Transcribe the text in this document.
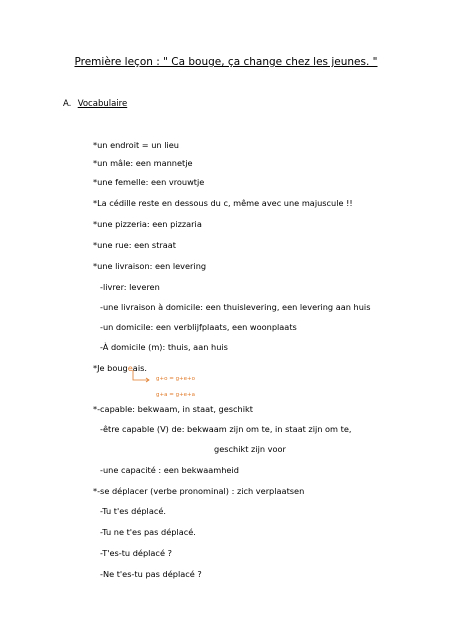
Première leçon : " Ca bouge, ça change chez les jeunes. "
A. Vocabulaire
*un endroit = un lieu
*un mâle: een mannetje
*une femelle: een vrouwtje
*La cédille reste en dessous du c, même avec une majuscule !!
*une pizzeria: een pizzaria
*une rue: een straat
*une livraison: een levering
-livrer: leveren
-une livraison à domicile: een thuislevering, een levering aan huis
-un domicile: een verblijfplaats, een woonplaats
-À domicile (m): thuis, aan huis
*Je bougeais.
g+o = g+e+o
g+a = g+e+a
*-capable: bekwaam, in staat, geschikt
-être capable (V) de: bekwaam zijn om te, in staat zijn om te,
geschikt zijn voor
-une capacité : een bekwaamheid
*-se déplacer (verbe pronominal) : zich verplaatsen
-Tu t'es déplacé.
-Tu ne t'es pas déplacé.
-T'es-tu déplacé ?
-Ne t'es-tu pas déplacé ?
